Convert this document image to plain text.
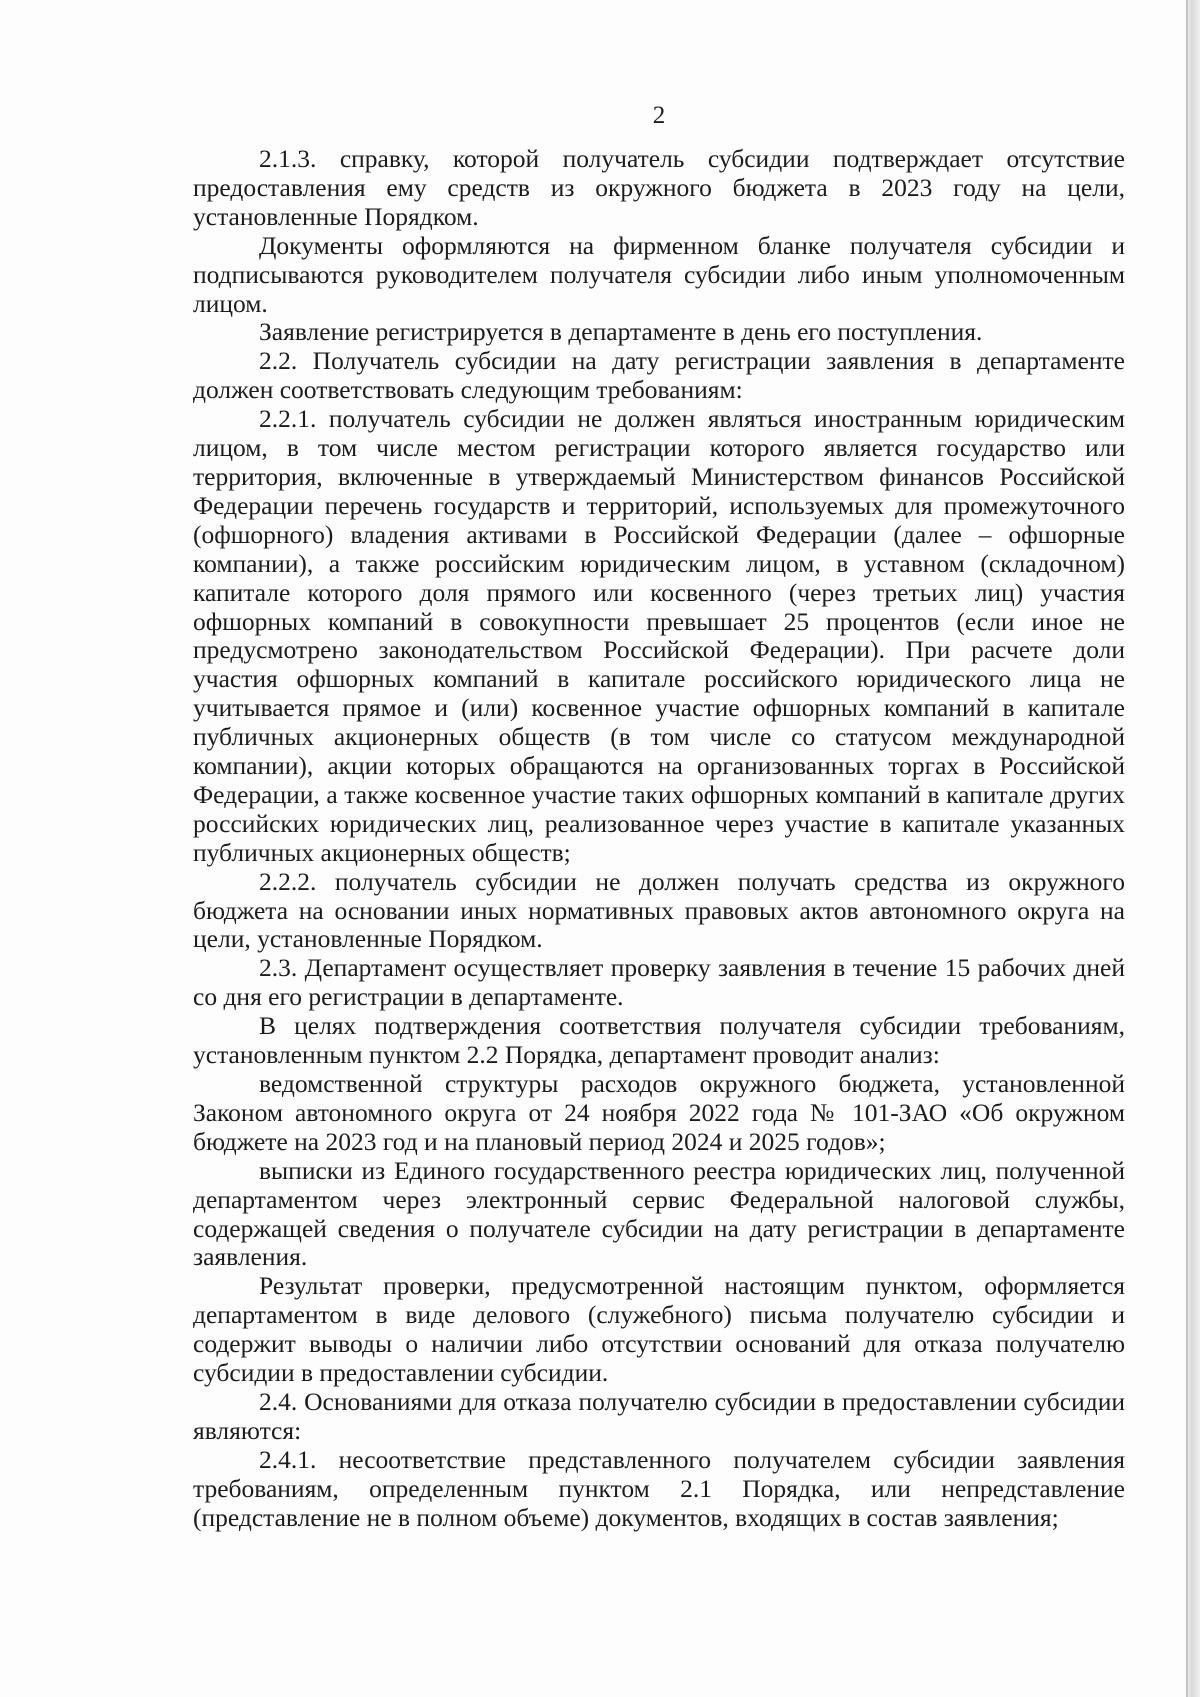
2

2.1.3. справку, которой получатель субсидии подтверждает отсутствие предоставления ему средств из окружного бюджета в 2023 году на цели, установленные Порядком.

Документы оформляются на фирменном бланке получателя субсидии и подписываются руководителем получателя субсидии либо иным уполномоченным лицом.

Заявление регистрируется в департаменте в день его поступления.

2.2. Получатель субсидии на дату регистрации заявления в департаменте должен соответствовать следующим требованиям:

2.2.1. получатель субсидии не должен являться иностранным юридическим лицом, в том числе местом регистрации которого является государство или территория, включенные в утверждаемый Министерством финансов Российской Федерации перечень государств и территорий, используемых для промежуточного (офшорного) владения активами в Российской Федерации (далее – офшорные компании), а также российским юридическим лицом, в уставном (складочном) капитале которого доля прямого или косвенного (через третьих лиц) участия офшорных компаний в совокупности превышает 25 процентов (если иное не предусмотрено законодательством Российской Федерации). При расчете доли участия офшорных компаний в капитале российского юридического лица не учитывается прямое и (или) косвенное участие офшорных компаний в капитале публичных акционерных обществ (в том числе со статусом международной компании), акции которых обращаются на организованных торгах в Российской Федерации, а также косвенное участие таких офшорных компаний в капитале других российских юридических лиц, реализованное через участие в капитале указанных публичных акционерных обществ;

2.2.2. получатель субсидии не должен получать средства из окружного бюджета на основании иных нормативных правовых актов автономного округа на цели, установленные Порядком.

2.3. Департамент осуществляет проверку заявления в течение 15 рабочих дней со дня его регистрации в департаменте.

В целях подтверждения соответствия получателя субсидии требованиям, установленным пунктом 2.2 Порядка, департамент проводит анализ:

ведомственной структуры расходов окружного бюджета, установленной Законом автономного округа от 24 ноября 2022 года № 101-ЗАО «Об окружном бюджете на 2023 год и на плановый период 2024 и 2025 годов»;

выписки из Единого государственного реестра юридических лиц, полученной департаментом через электронный сервис Федеральной налоговой службы, содержащей сведения о получателе субсидии на дату регистрации в департаменте заявления.

Результат проверки, предусмотренной настоящим пунктом, оформляется департаментом в виде делового (служебного) письма получателю субсидии и содержит выводы о наличии либо отсутствии оснований для отказа получателю субсидии в предоставлении субсидии.

2.4. Основаниями для отказа получателю субсидии в предоставлении субсидии являются:

2.4.1. несоответствие представленного получателем субсидии заявления требованиям, определенным пунктом 2.1 Порядка, или непредставление (представление не в полном объеме) документов, входящих в состав заявления;
